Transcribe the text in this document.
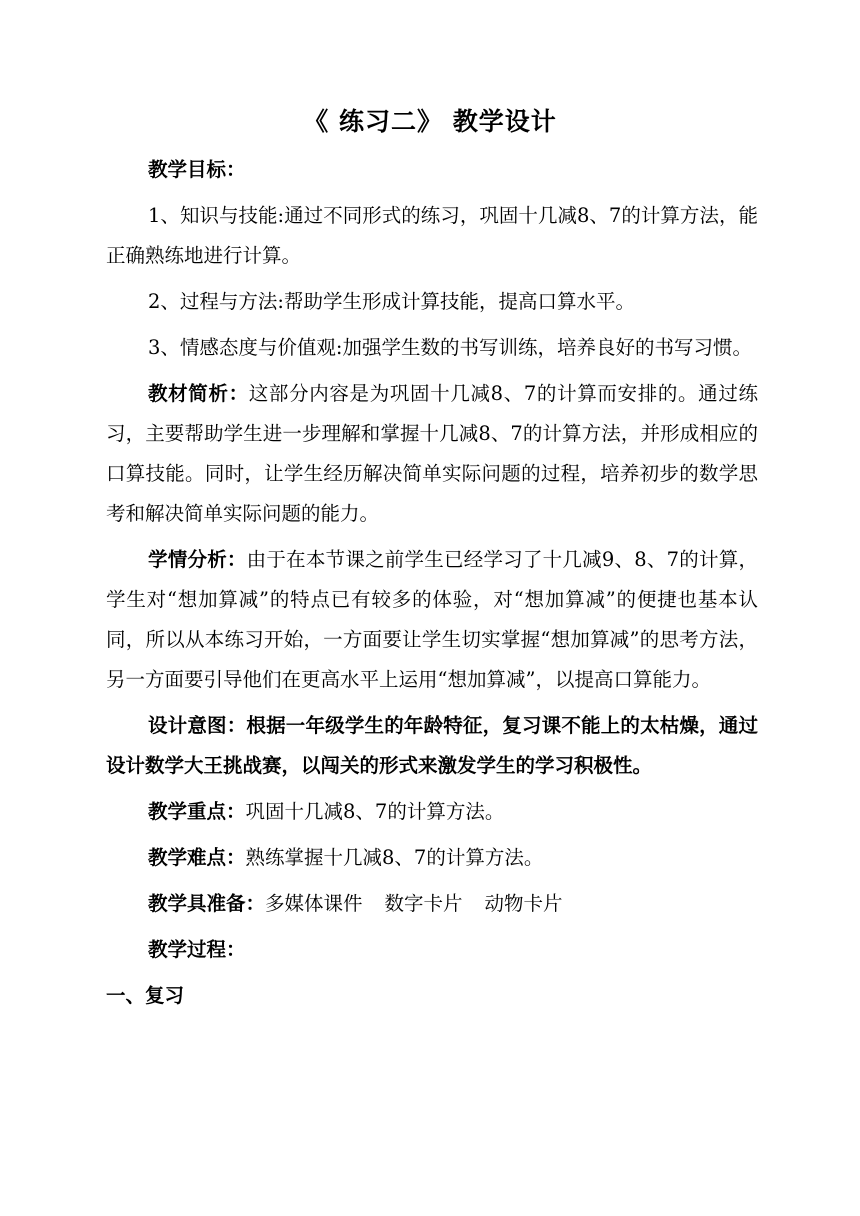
《 练习二》 教学设计

教学目标：

1、知识与技能:通过不同形式的练习，巩固十几减8、7的计算方法，能正确熟练地进行计算。

2、过程与方法:帮助学生形成计算技能，提高口算水平。

3、情感态度与价值观:加强学生数的书写训练，培养良好的书写习惯。

教材简析：这部分内容是为巩固十几减8、7的计算而安排的。通过练习，主要帮助学生进一步理解和掌握十几减8、7的计算方法，并形成相应的口算技能。同时，让学生经历解决简单实际问题的过程，培养初步的数学思考和解决简单实际问题的能力。

学情分析：由于在本节课之前学生已经学习了十几减9、8、7的计算，学生对“想加算减”的特点已有较多的体验，对“想加算减”的便捷也基本认同，所以从本练习开始，一方面要让学生切实掌握“想加算减”的思考方法，另一方面要引导他们在更高水平上运用“想加算减”，以提高口算能力。

设计意图：根据一年级学生的年龄特征，复习课不能上的太枯燥，通过设计数学大王挑战赛，以闯关的形式来激发学生的学习积极性。

教学重点：巩固十几减8、7的计算方法。

教学难点：熟练掌握十几减8、7的计算方法。

教学具准备：多媒体课件 数字卡片 动物卡片

教学过程：

一、复习
